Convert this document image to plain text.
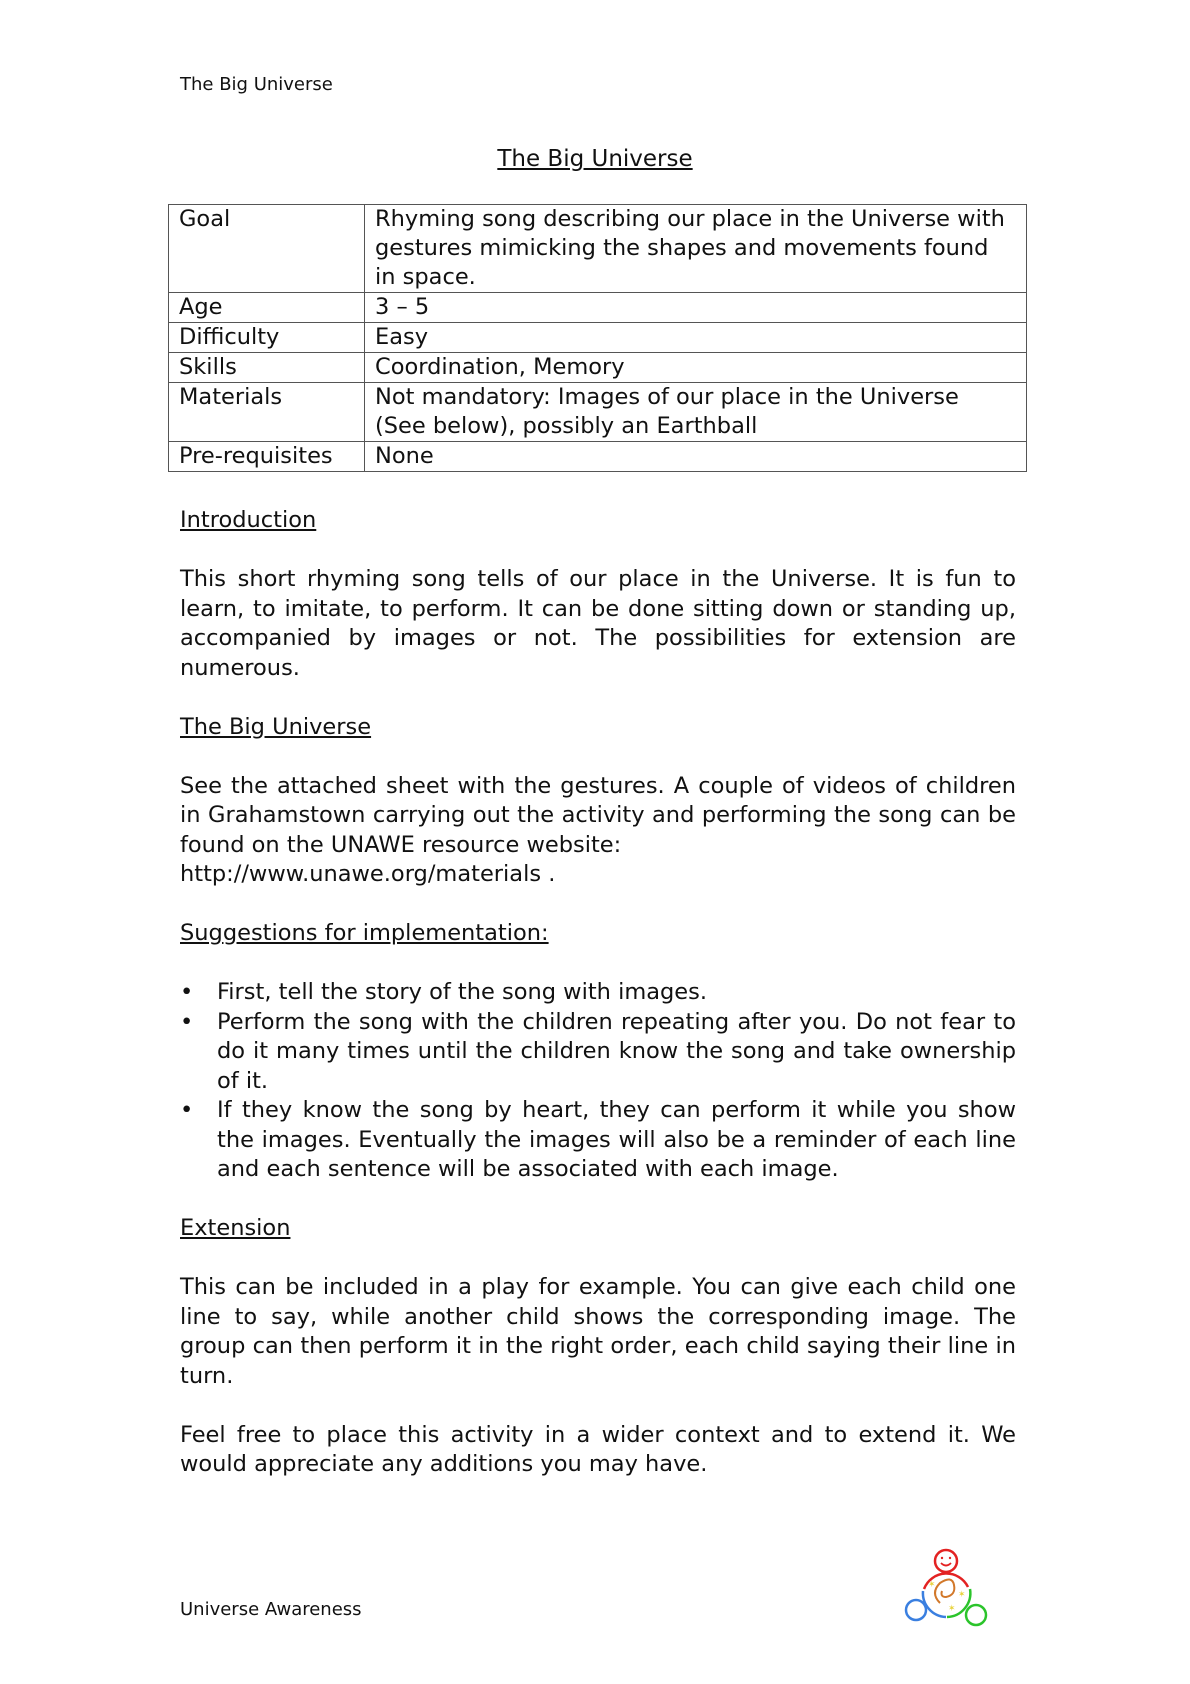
The Big Universe
The Big Universe
Goal	Rhyming song describing our place in the Universe with gestures mimicking the shapes and movements found in space.
Age	3 – 5
Difficulty	Easy
Skills	Coordination, Memory
Materials	Not mandatory: Images of our place in the Universe (See below), possibly an Earthball
Pre-requisites	None
Introduction

This short rhyming song tells of our place in the Universe. It is fun to learn, to imitate, to perform. It can be done sitting down or standing up, accompanied by images or not. The possibilities for extension are numerous.

The Big Universe

See the attached sheet with the gestures. A couple of videos of children in Grahamstown carrying out the activity and performing the song can be found on the UNAWE resource website:

http://www.unawe.org/materials .

Suggestions for implementation:
• First, tell the story of the song with images.
• Perform the song with the children repeating after you. Do not fear to do it many times until the children know the song and take ownership of it.
• If they know the song by heart, they can perform it while you show the images. Eventually the images will also be a reminder of each line and each sentence will be associated with each image.
Extension

This can be included in a play for example. You can give each child one line to say, while another child shows the corresponding image. The group can then perform it in the right order, each child saying their line in turn.

Feel free to place this activity in a wider context and to extend it. We would appreciate any additions you may have.

Universe Awareness
✶
✶
✶
